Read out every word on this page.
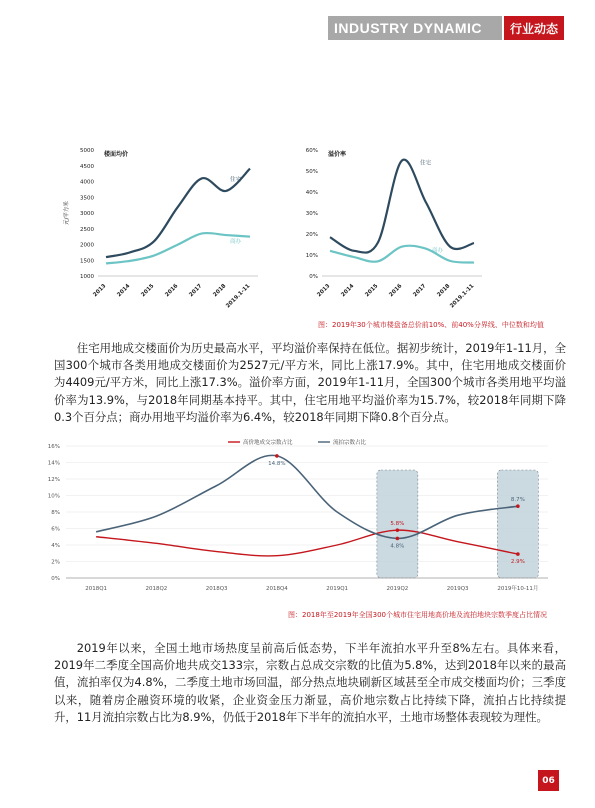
INDUSTRY DYNAMIC	行业动态
5000
4500
4000
3500
3000
2500
2000
1500
1000
楼面均价
元/平方米
2013 2014 2015 2016 2017 2018
2019.1-11
住宅
商办
60%
50%
40%
30%
20%
10%
0%
溢价率
2013 2014 2015 2016 2017 2018
2019.1-11
住宅
商办
图：2019年30个城市楼盘备总价前10%、前40%分界线、中位数和均值

住宅用地成交楼面价为历史最高水平，平均溢价率保持在低位。据初步统计，2019年1-11月，全国300个城市各类用地成交楼面价为2527元/平方米，同比上涨17.9%。其中，住宅用地成交楼面价为4409元/平方米，同比上涨17.3%。溢价率方面，2019年1-11月，全国300个城市各类用地平均溢价率为13.9%，与2018年同期基本持平。其中，住宅用地平均溢价率为15.7%，较2018年同期下降0.3个百分点；商办用地平均溢价率为6.4%，较2018年同期下降0.8个百分点。

16%
14%
12%
10%
8%
6%
4%
2%
0%
2018Q1	2018Q2	2018Q3	2018Q4	2019Q1	2019Q2	2019Q3	2019年10-11月
14.8%
5.8%
4.8%
8.7%
2.9%
高价地成交宗数占比	流拍宗数占比
图：2018年至2019年全国300个城市住宅用地高价地及流拍地块宗数季度占比情况

2019年以来，全国土地市场热度呈前高后低态势，下半年流拍水平升至8%左右。具体来看，2019年二季度全国高价地共成交133宗，宗数占总成交宗数的比值为5.8%，达到2018年以来的最高值，流拍率仅为4.8%，二季度土地市场回温，部分热点地块刷新区域甚至全市成交楼面均价；三季度以来，随着房企融资环境的收紧，企业资金压力渐显，高价地宗数占比持续下降，流拍占比持续提升，11月流拍宗数占比为8.9%，仍低于2018年下半年的流拍水平，土地市场整体表现较为理性。

06
